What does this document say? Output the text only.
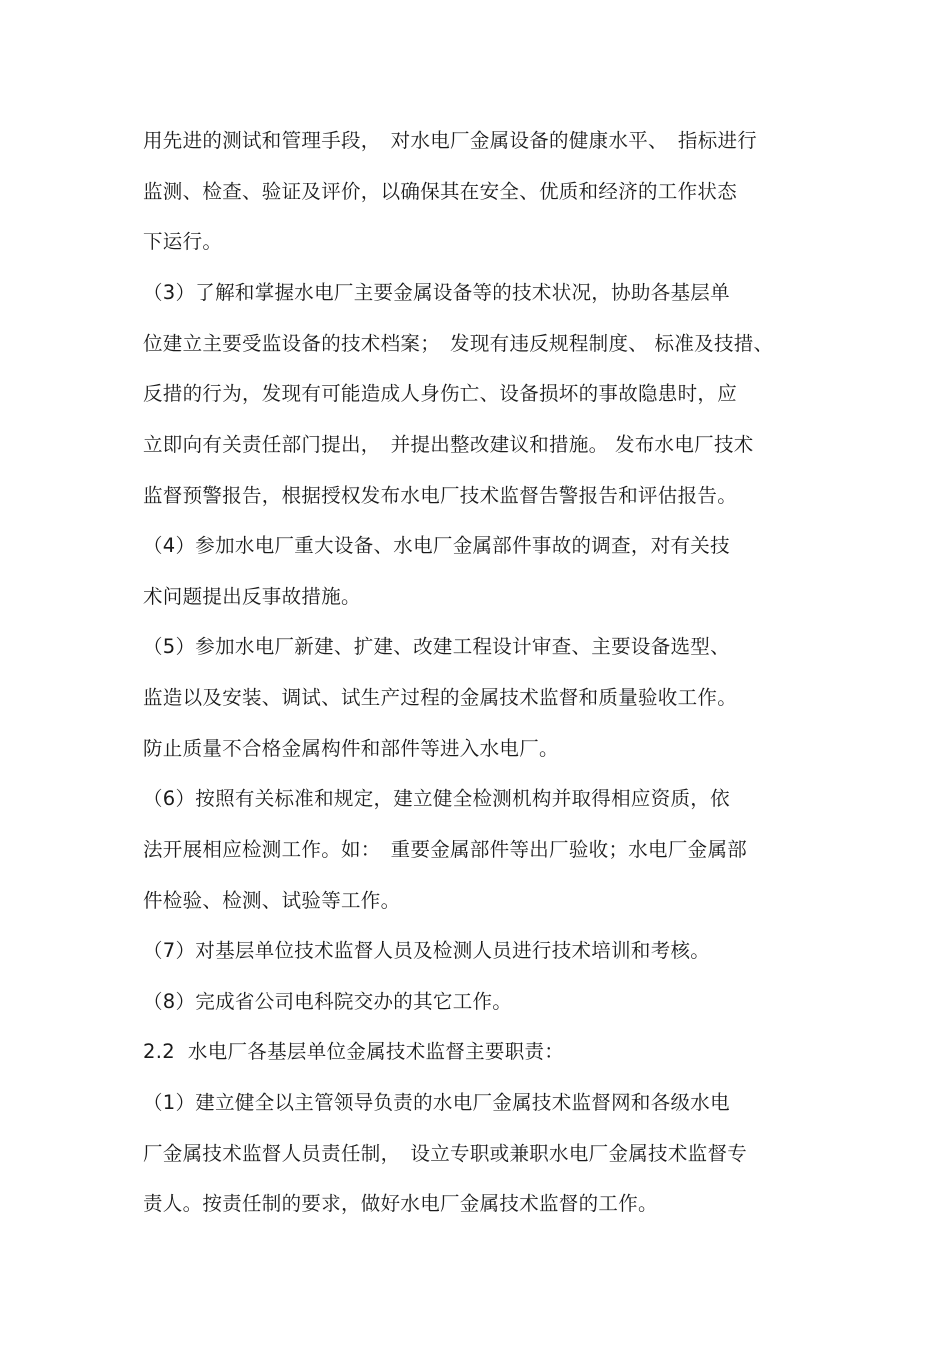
用先进的测试和管理手段，　对水电厂金属设备的健康水平、　指标进行
监测、检查、验证及评价，以确保其在安全、优质和经济的工作状态
下运行。
（3）了解和掌握水电厂主要金属设备等的技术状况，协助各基层单
位建立主要受监设备的技术档案；　发现有违反规程制度、 标准及技措、
反措的行为，发现有可能造成人身伤亡、设备损坏的事故隐患时，应
立即向有关责任部门提出，　并提出整改建议和措施。 发布水电厂技术
监督预警报告，根据授权发布水电厂技术监督告警报告和评估报告。
（4）参加水电厂重大设备、水电厂金属部件事故的调查，对有关技
术问题提出反事故措施。
（5）参加水电厂新建、扩建、改建工程设计审查、主要设备选型、
监造以及安装、调试、试生产过程的金属技术监督和质量验收工作。
防止质量不合格金属构件和部件等进入水电厂。
（6）按照有关标准和规定，建立健全检测机构并取得相应资质，依
法开展相应检测工作。如：　重要金属部件等出厂验收；水电厂金属部
件检验、检测、试验等工作。
（7）对基层单位技术监督人员及检测人员进行技术培训和考核。
（8）完成省公司电科院交办的其它工作。
2.2  水电厂各基层单位金属技术监督主要职责：
（1）建立健全以主管领导负责的水电厂金属技术监督网和各级水电
厂金属技术监督人员责任制，　设立专职或兼职水电厂金属技术监督专
责人。按责任制的要求，做好水电厂金属技术监督的工作。
